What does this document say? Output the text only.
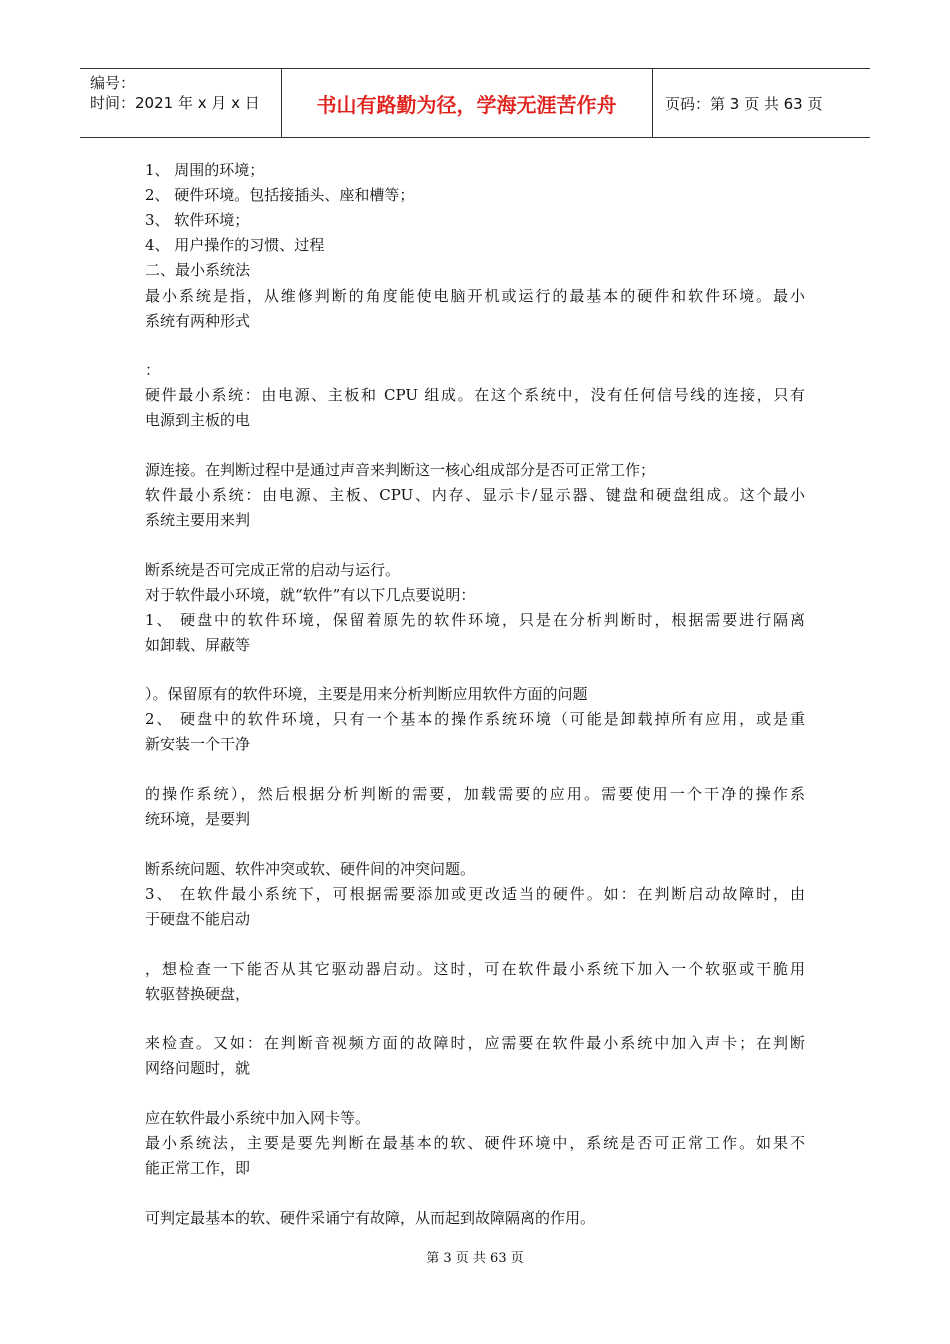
编号：
时间：2021 年 x 月 x 日	书山有路勤为径，学海无涯苦作舟	页码：第 3 页 共 63 页
1、 周围的环境；
2、 硬件环境。包括接插头、座和槽等；
3、 软件环境；
4、 用户操作的习惯、过程
二、最小系统法
最小系统是指，从维修判断的角度能使电脑开机或运行的最基本的硬件和软件环境。最小
系统有两种形式
：
硬件最小系统：由电源、主板和 CPU 组成。在这个系统中，没有任何信号线的连接，只有
电源到主板的电
源连接。在判断过程中是通过声音来判断这一核心组成部分是否可正常工作；
软件最小系统：由电源、主板、CPU、内存、显示卡/显示器、键盘和硬盘组成。这个最小
系统主要用来判
断系统是否可完成正常的启动与运行。
对于软件最小环境，就“软件”有以下几点要说明：
1、 硬盘中的软件环境，保留着原先的软件环境，只是在分析判断时，根据需要进行隔离
如卸载、屏蔽等
）。保留原有的软件环境，主要是用来分析判断应用软件方面的问题
2、 硬盘中的软件环境，只有一个基本的操作系统环境（可能是卸载掉所有应用，或是重
新安装一个干净
的操作系统），然后根据分析判断的需要，加载需要的应用。需要使用一个干净的操作系
统环境，是要判
断系统问题、软件冲突或软、硬件间的冲突问题。
3、 在软件最小系统下，可根据需要添加或更改适当的硬件。如：在判断启动故障时，由
于硬盘不能启动
，想检查一下能否从其它驱动器启动。这时，可在软件最小系统下加入一个软驱或干脆用
软驱替换硬盘，
来检查。又如：在判断音视频方面的故障时，应需要在软件最小系统中加入声卡；在判断
网络问题时，就
应在软件最小系统中加入网卡等。
最小系统法，主要是要先判断在最基本的软、硬件环境中，系统是否可正常工作。如果不
能正常工作，即
可判定最基本的软、硬件采诵宁有故障，从而起到故障隔离的作用。
第 3 页 共 63 页
